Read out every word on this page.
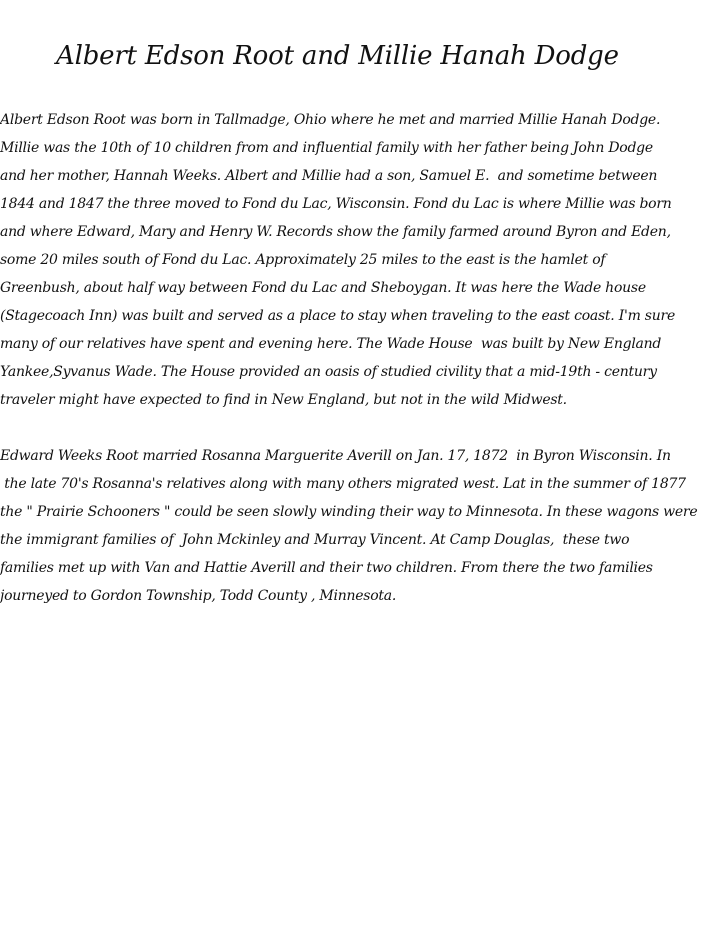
Albert Edson Root and Millie Hanah Dodge
Albert Edson Root was born in Tallmadge, Ohio where he met and married Millie Hanah Dodge.
Millie was the 10th of 10 children from and influential family with her father being John Dodge
and her mother, Hannah Weeks. Albert and Millie had a son, Samuel E.  and sometime between
1844 and 1847 the three moved to Fond du Lac, Wisconsin. Fond du Lac is where Millie was born
and where Edward, Mary and Henry W. Records show the family farmed around Byron and Eden,
some 20 miles south of Fond du Lac. Approximately 25 miles to the east is the hamlet of
Greenbush, about half way between Fond du Lac and Sheboygan. It was here the Wade house
(Stagecoach Inn) was built and served as a place to stay when traveling to the east coast. I'm sure
many of our relatives have spent and evening here. The Wade House  was built by New England
Yankee,Syvanus Wade. The House provided an oasis of studied civility that a mid-19th - century
traveler might have expected to find in New England, but not in the wild Midwest.
Edward Weeks Root married Rosanna Marguerite Averill on Jan. 17, 1872  in Byron Wisconsin. In
the late 70's Rosanna's relatives along with many others migrated west. Lat in the summer of 1877
the " Prairie Schooners " could be seen slowly winding their way to Minnesota. In these wagons were
the immigrant families of  John Mckinley and Murray Vincent. At Camp Douglas,  these two
families met up with Van and Hattie Averill and their two children. From there the two families
journeyed to Gordon Township, Todd County , Minnesota.
